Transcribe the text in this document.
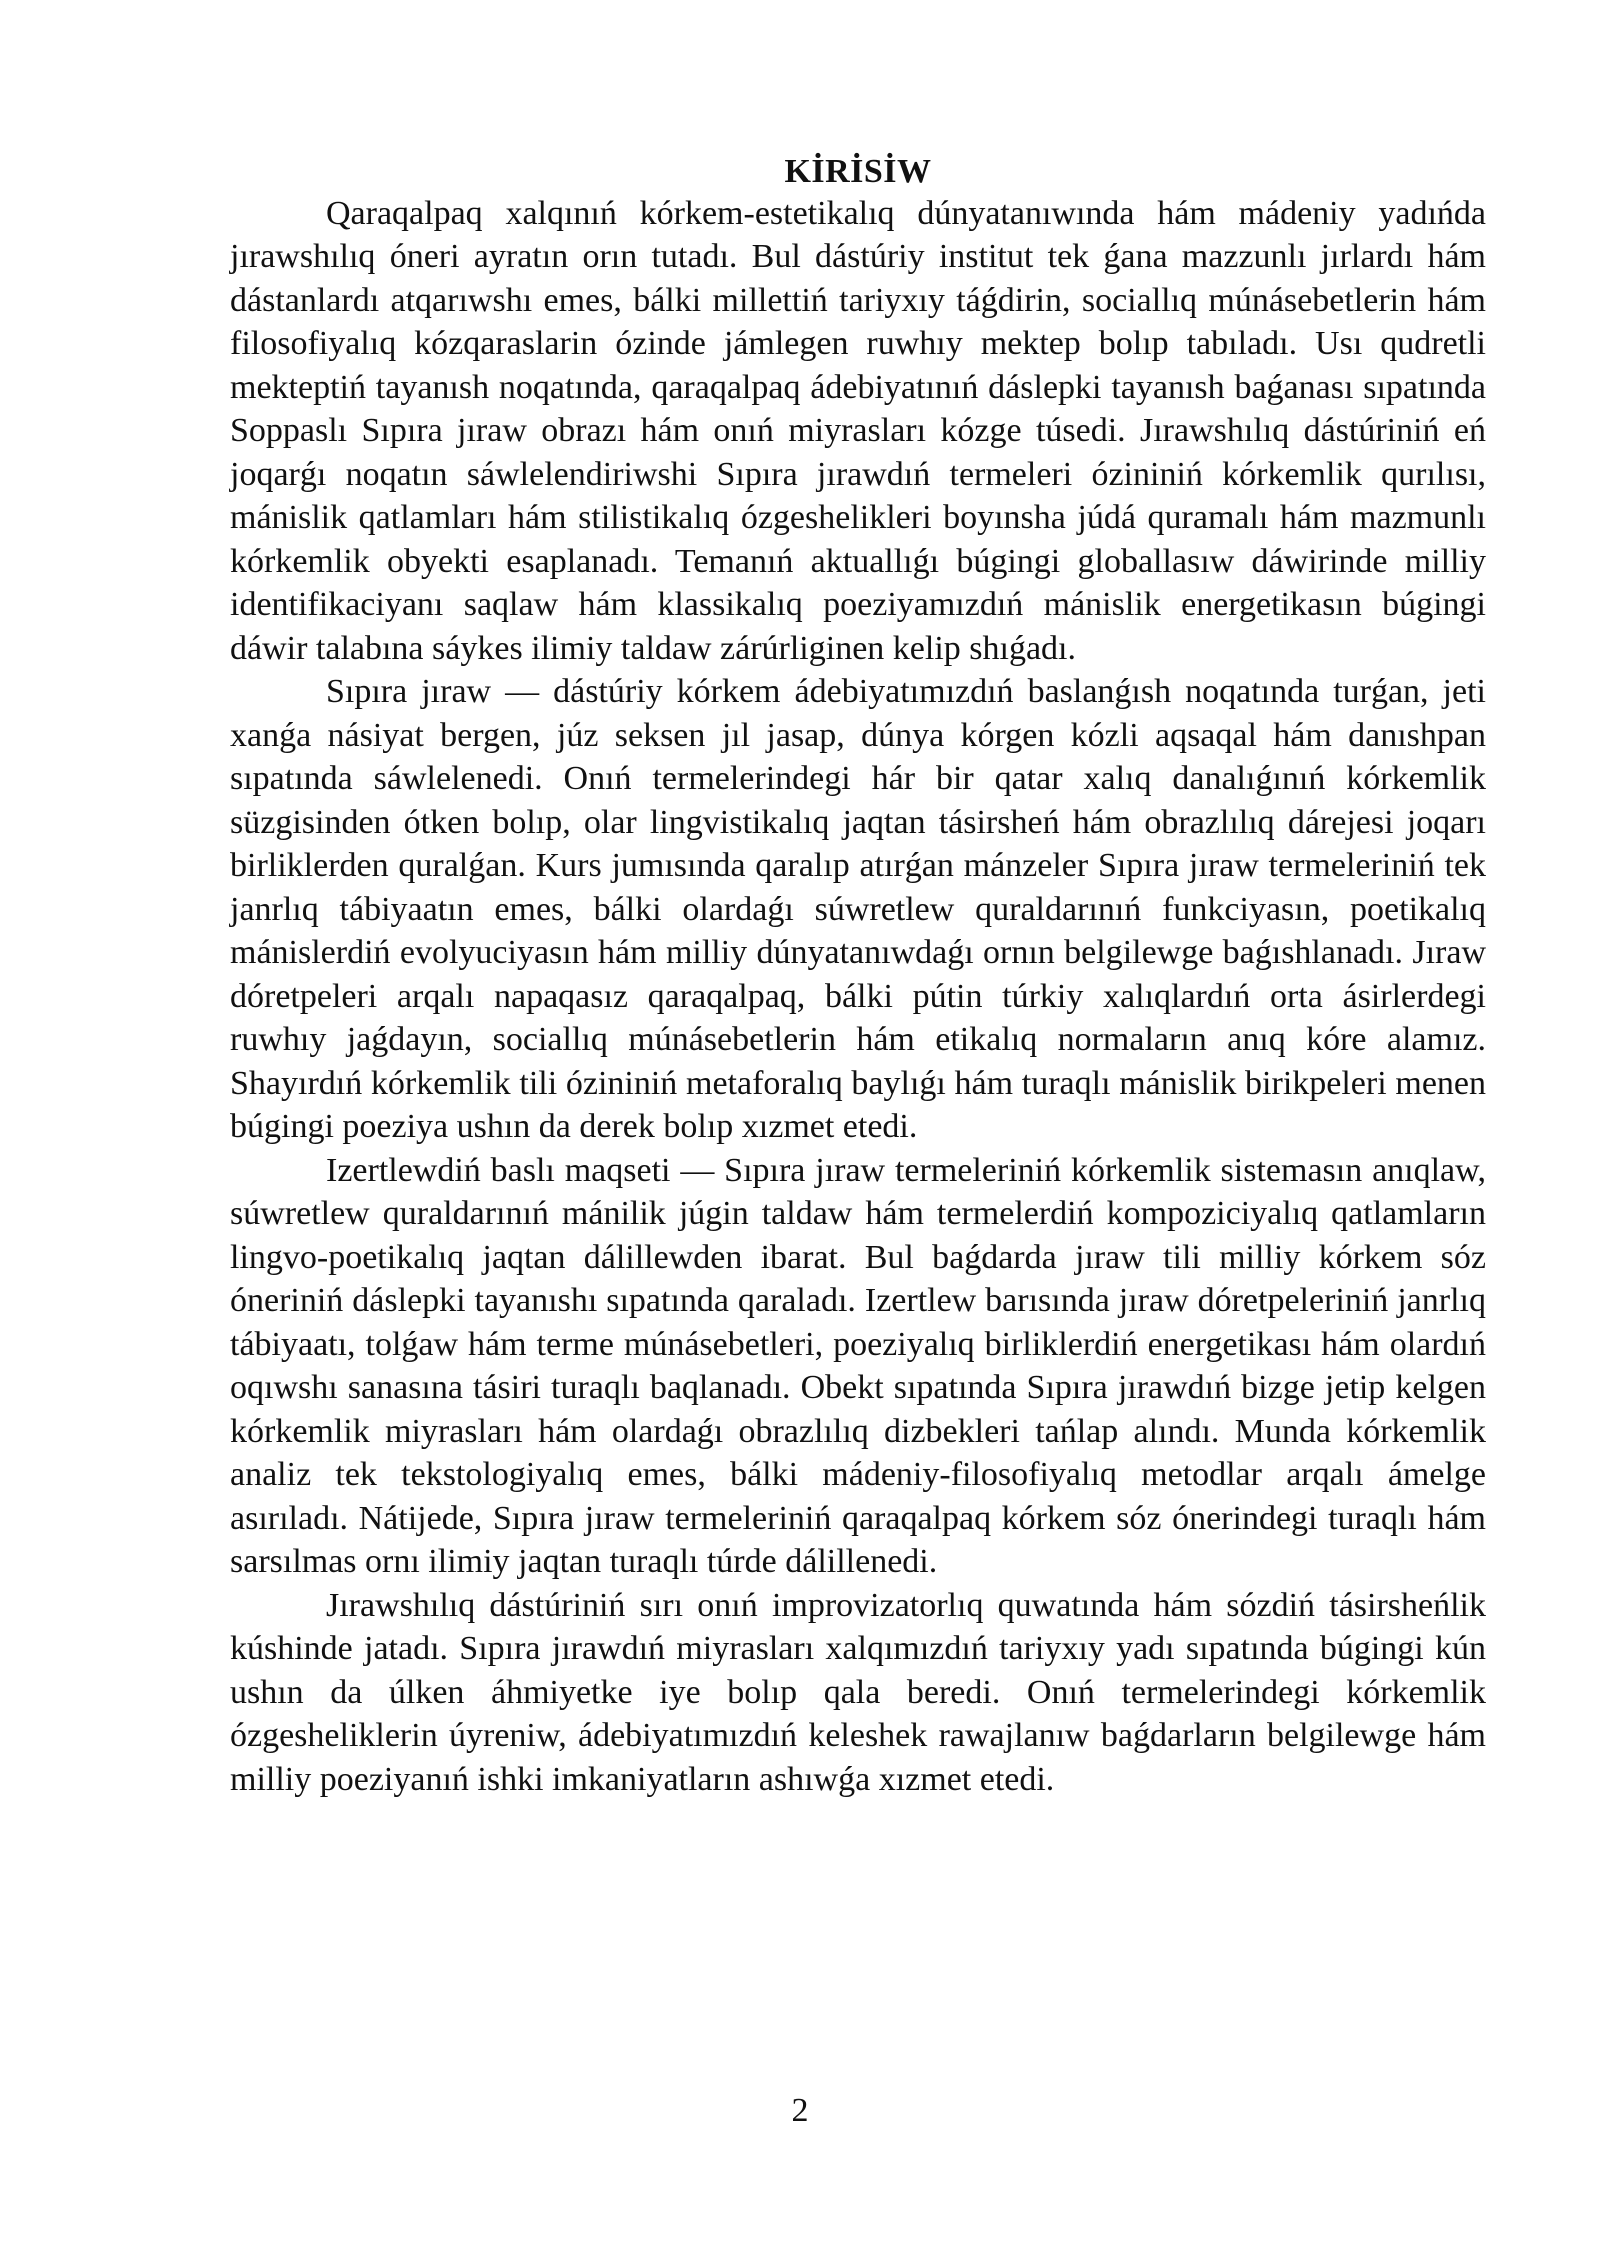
KİRİSİW

Qaraqalpaq xalqınıń kórkem-estetikalıq dúnyatanıwında hám mádeniy yadıńda jırawshılıq óneri ayratın orın tutadı. Bul dástúriy institut tek ǵana mazzunlı jırlardı hám dástanlardı atqarıwshı emes, bálki millettiń tariyxıy táǵdirin, sociallıq múnásebetlerin hám filosofiyalıq kózqaraslarin ózinde jámlegen ruwhıy mektep bolıp tabıladı. Usı qudretli mekteptiń tayanısh noqatında, qaraqalpaq ádebiyatınıń dáslepki tayanısh baǵanası sıpatında Soppaslı Sıpıra jıraw obrazı hám onıń miyrasları kózge túsedi. Jırawshılıq dástúriniń eń joqarǵı noqatın sáwlelendiriwshi Sıpıra jırawdıń termeleri ózininiń kórkemlik qurılısı, mánislik qatlamları hám stilistikalıq ózgeshelikleri boyınsha júdá quramalı hám mazmunlı kórkemlik obyekti esaplanadı. Temanıń aktuallıǵı búgingi globallasıw dáwirinde milliy identifikaciyanı saqlaw hám klassikalıq poeziyamızdıń mánislik energetikasın búgingi dáwir talabına sáykes ilimiy taldaw zárúrliginen kelip shıǵadı.

Sıpıra jıraw — dástúriy kórkem ádebiyatımızdıń baslanǵısh noqatında turǵan, jeti xanǵa násiyat bergen, júz seksen jıl jasap, dúnya kórgen kózli aqsaqal hám danıshpan sıpatında sáwlelenedi. Onıń termelerindegi hár bir qatar xalıq danalıǵınıń kórkemlik süzgisinden ótken bolıp, olar lingvistikalıq jaqtan tásirsheń hám obrazlılıq dárejesi joqarı birliklerden quralǵan. Kurs jumısında qaralıp atırǵan mánzeler Sıpıra jıraw termeleriniń tek janrlıq tábiyaatın emes, bálki olardaǵı súwretlew quraldarınıń funkciyasın, poetikalıq mánislerdiń evolyuciyasın hám milliy dúnyatanıwdaǵı ornın belgilewge baǵıshlanadı. Jıraw dóretpeleri arqalı napaqasız qaraqalpaq, bálki pútin túrkiy xalıqlardıń orta ásirlerdegi ruwhıy jaǵdayın, sociallıq múnásebetlerin hám etikalıq normaların anıq kóre alamız. Shayırdıń kórkemlik tili ózininiń metaforalıq baylıǵı hám turaqlı mánislik birikpeleri menen búgingi poeziya ushın da derek bolıp xızmet etedi.

Izertlewdiń baslı maqseti — Sıpıra jıraw termeleriniń kórkemlik sistemasın anıqlaw, súwretlew quraldarınıń mánilik júgin taldaw hám termelerdiń kompoziciyalıq qatlamların lingvo-poetikalıq jaqtan dálillewden ibarat. Bul baǵdarda jıraw tili milliy kórkem sóz óneriniń dáslepki tayanıshı sıpatında qaraladı. Izertlew barısında jıraw dóretpeleriniń janrlıq tábiyaatı, tolǵaw hám terme múnásebetleri, poeziyalıq birliklerdiń energetikası hám olardıń oqıwshı sanasına tásiri turaqlı baqlanadı. Obekt sıpatında Sıpıra jırawdıń bizge jetip kelgen kórkemlik miyrasları hám olardaǵı obrazlılıq dizbekleri tańlap alındı. Munda kórkemlik analiz tek tekstologiyalıq emes, bálki mádeniy-filosofiyalıq metodlar arqalı ámelge asırıladı. Nátijede, Sıpıra jıraw termeleriniń qaraqalpaq kórkem sóz ónerindegi turaqlı hám sarsılmas ornı ilimiy jaqtan turaqlı túrde dálillenedi.

Jırawshılıq dástúriniń sırı onıń improvizatorlıq quwatında hám sózdiń tásirsheńlik kúshinde jatadı. Sıpıra jırawdıń miyrasları xalqımızdıń tariyxıy yadı sıpatında búgingi kún ushın da úlken áhmiyetke iye bolıp qala beredi. Onıń termelerindegi kórkemlik ózgesheliklerin úyreniw, ádebiyatımızdıń keleshek rawajlanıw baǵdarların belgilewge hám milliy poeziyanıń ishki imkaniyatların ashıwǵa xızmet etedi.

2
